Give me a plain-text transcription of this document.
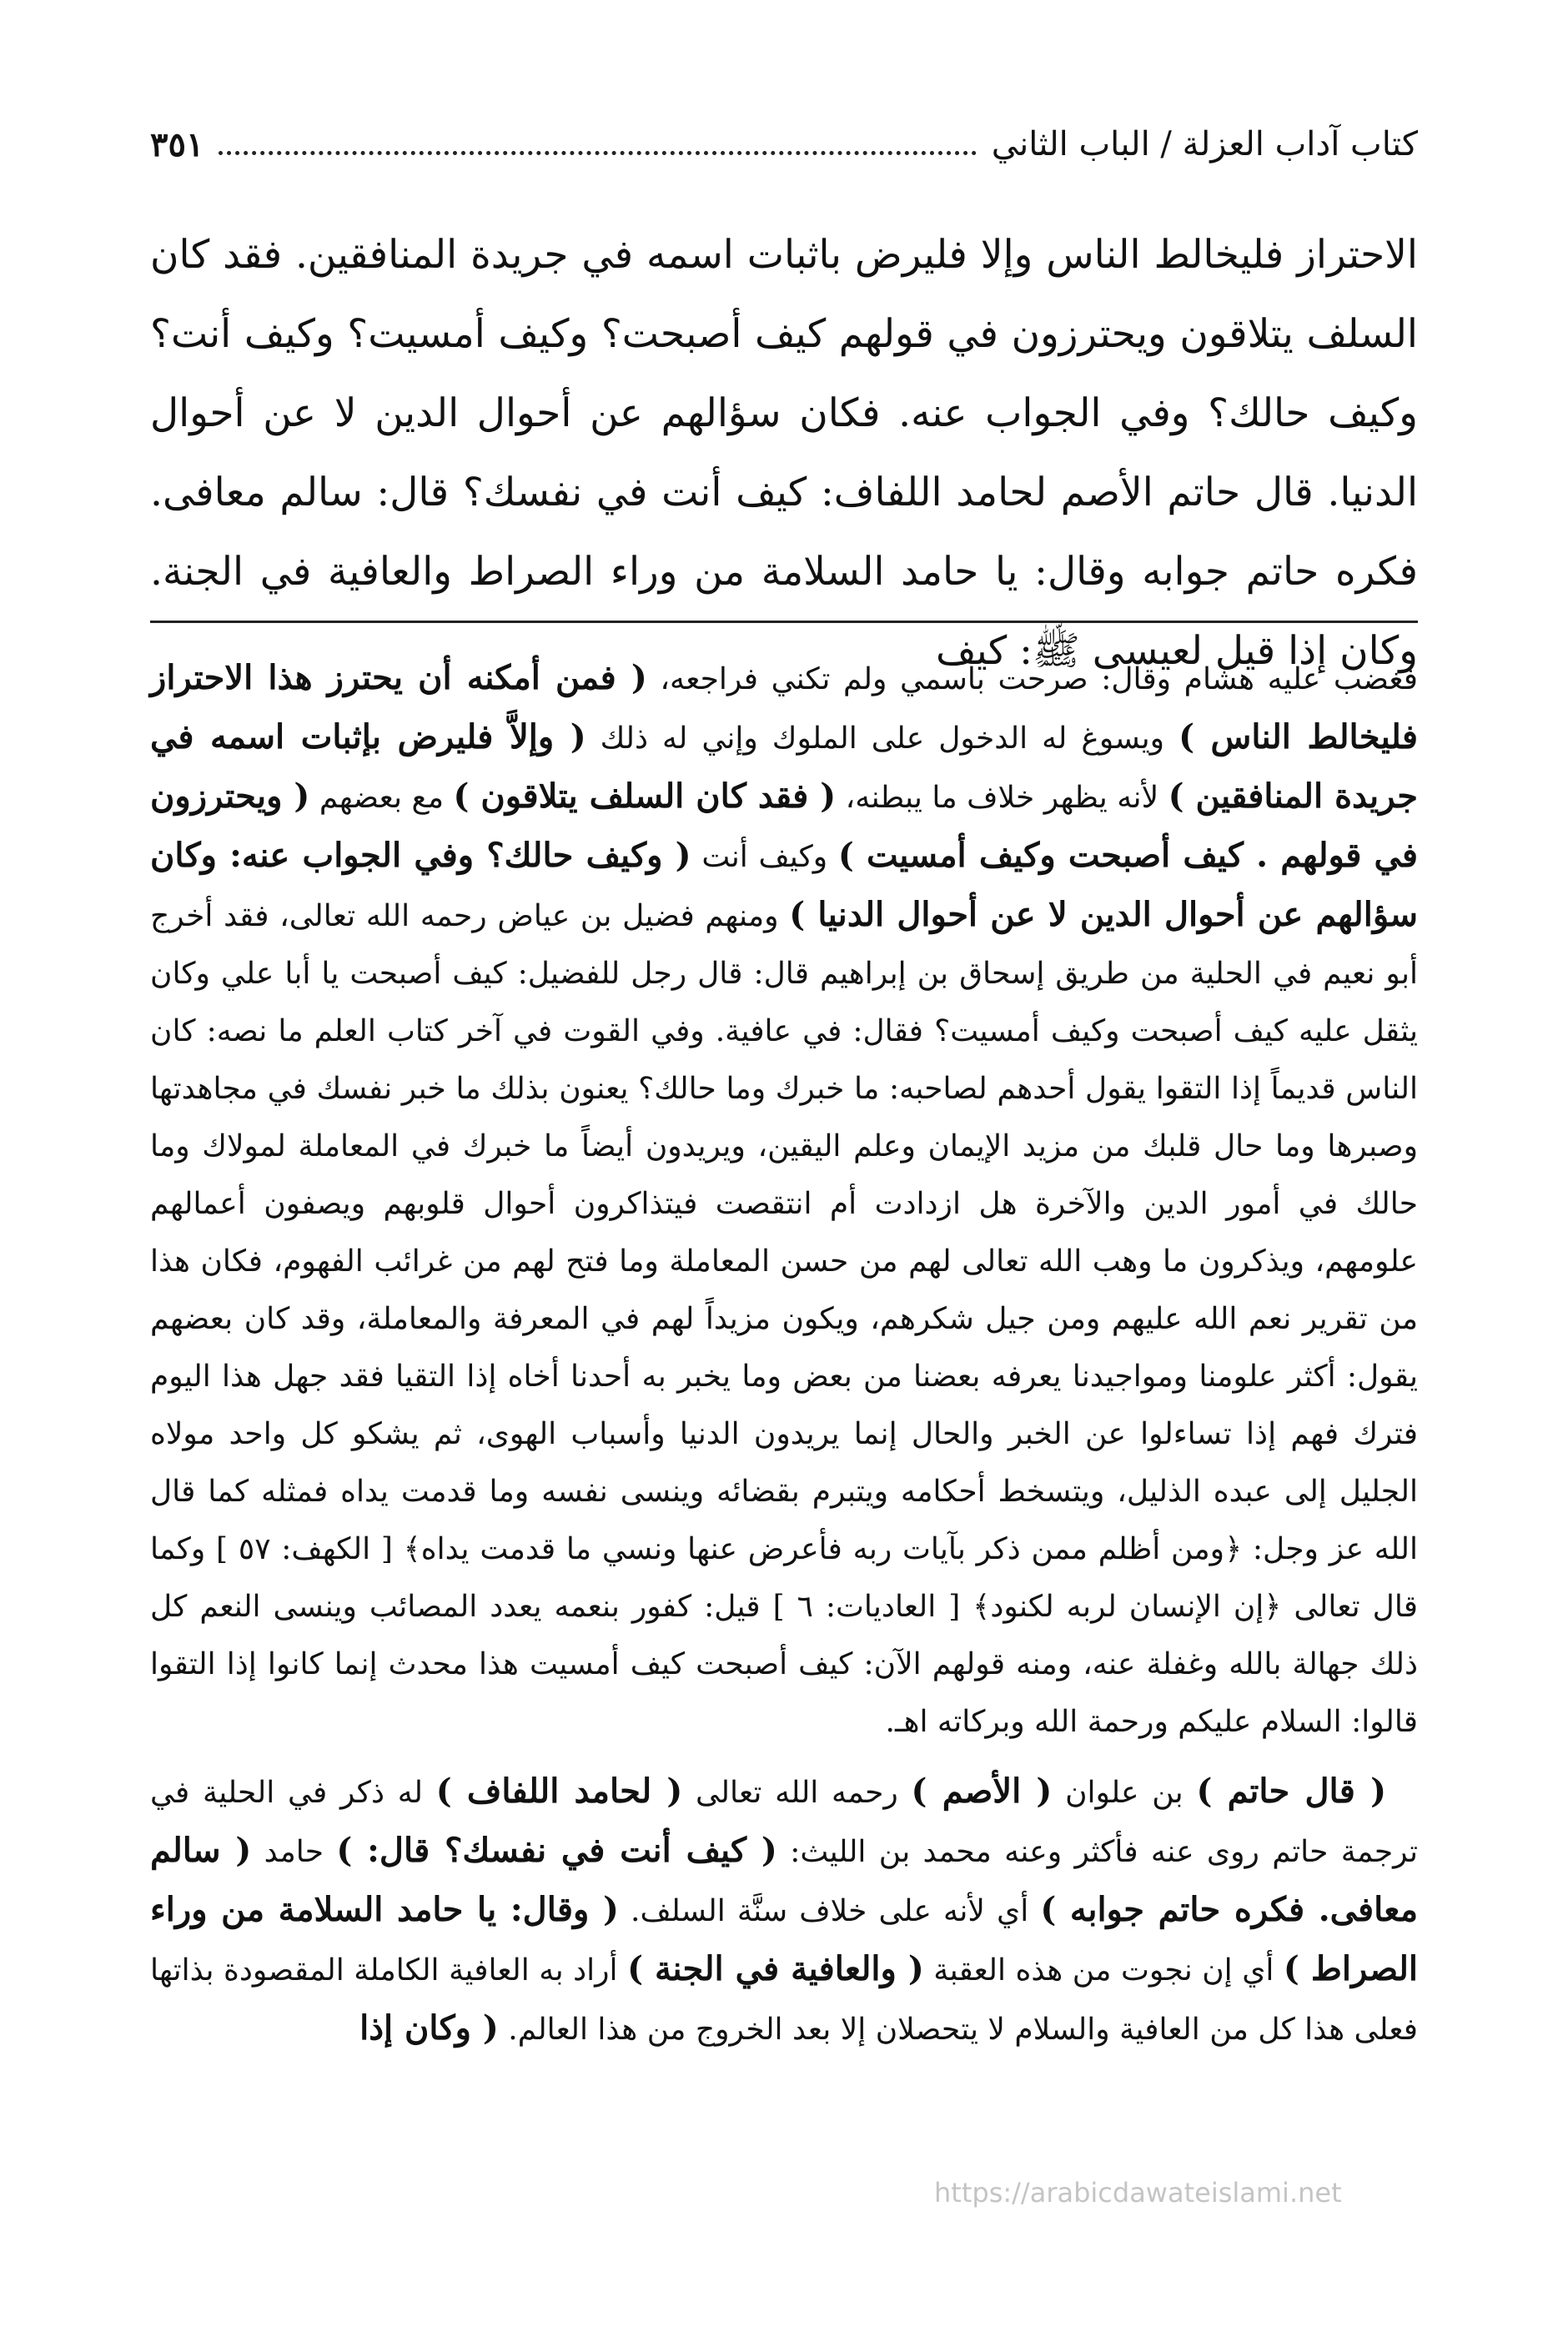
كتاب آداب العزلة / الباب الثاني
٣٥١

الاحتراز فليخالط الناس وإلا فليرض باثبات اسمه في جريدة المنافقين. فقد كان السلف يتلاقون ويحترزون في قولهم كيف أصبحت؟ وكيف أمسيت؟ وكيف أنت؟ وكيف حالك؟ وفي الجواب عنه. فكان سؤالهم عن أحوال الدين لا عن أحوال الدنيا. قال حاتم الأصم لحامد اللفاف: كيف أنت في نفسك؟ قال: سالم معافى. فكره حاتم جوابه وقال: يا حامد السلامة من وراء الصراط والعافية في الجنة. وكان إذا قيل لعيسى ﷺ: كيف

فغضب عليه هشام وقال: صرحت باسمي ولم تكني فراجعه، ( فمن أمكنه أن يحترز هذا الاحتراز فليخالط الناس ) ويسوغ له الدخول على الملوك وإني له ذلك ( وإلاَّ فليرض بإثبات اسمه في جريدة المنافقين ) لأنه يظهر خلاف ما يبطنه، ( فقد كان السلف يتلاقون ) مع بعضهم ( ويحترزون في قولهم . كيف أصبحت وكيف أمسيت ) وكيف أنت ( وكيف حالك؟ وفي الجواب عنه: وكان سؤالهم عن أحوال الدين لا عن أحوال الدنيا ) ومنهم فضيل بن عياض رحمه الله تعالى، فقد أخرج أبو نعيم في الحلية من طريق إسحاق بن إبراهيم قال: قال رجل للفضيل: كيف أصبحت يا أبا علي وكان يثقل عليه كيف أصبحت وكيف أمسيت؟ فقال: في عافية. وفي القوت في آخر كتاب العلم ما نصه: كان الناس قديماً إذا التقوا يقول أحدهم لصاحبه: ما خبرك وما حالك؟ يعنون بذلك ما خبر نفسك في مجاهدتها وصبرها وما حال قلبك من مزيد الإيمان وعلم اليقين، ويريدون أيضاً ما خبرك في المعاملة لمولاك وما حالك في أمور الدين والآخرة هل ازدادت أم انتقصت فيتذاكرون أحوال قلوبهم ويصفون أعمالهم علومهم، ويذكرون ما وهب الله تعالى لهم من حسن المعاملة وما فتح لهم من غرائب الفهوم، فكان هذا من تقرير نعم الله عليهم ومن جيل شكرهم، ويكون مزيداً لهم في المعرفة والمعاملة، وقد كان بعضهم يقول: أكثر علومنا ومواجيدنا يعرفه بعضنا من بعض وما يخبر به أحدنا أخاه إذا التقيا فقد جهل هذا اليوم فترك فهم إذا تساءلوا عن الخبر والحال إنما يريدون الدنيا وأسباب الهوى، ثم يشكو كل واحد مولاه الجليل إلى عبده الذليل، ويتسخط أحكامه ويتبرم بقضائه وينسى نفسه وما قدمت يداه فمثله كما قال الله عز وجل: ﴿ومن أظلم ممن ذكر بآيات ربه فأعرض عنها ونسي ما قدمت يداه﴾ [ الكهف: ٥٧ ] وكما قال تعالى ﴿إن الإنسان لربه لكنود﴾ [ العاديات: ٦ ] قيل: كفور بنعمه يعدد المصائب وينسى النعم كل ذلك جهالة بالله وغفلة عنه، ومنه قولهم الآن: كيف أصبحت كيف أمسيت هذا محدث إنما كانوا إذا التقوا قالوا: السلام عليكم ورحمة الله وبركاته اهـ.

( قال حاتم ) بن علوان ( الأصم ) رحمه الله تعالى ( لحامد اللفاف ) له ذكر في الحلية في ترجمة حاتم روى عنه فأكثر وعنه محمد بن الليث: ( كيف أنت في نفسك؟ قال: ) حامد ( سالم معافى. فكره حاتم جوابه ) أي لأنه على خلاف سنَّة السلف. ( وقال: يا حامد السلامة من وراء الصراط ) أي إن نجوت من هذه العقبة ( والعافية في الجنة ) أراد به العافية الكاملة المقصودة بذاتها فعلى هذا كل من العافية والسلام لا يتحصلان إلا بعد الخروج من هذا العالم. ( وكان إذا

https://arabicdawateislami.net
